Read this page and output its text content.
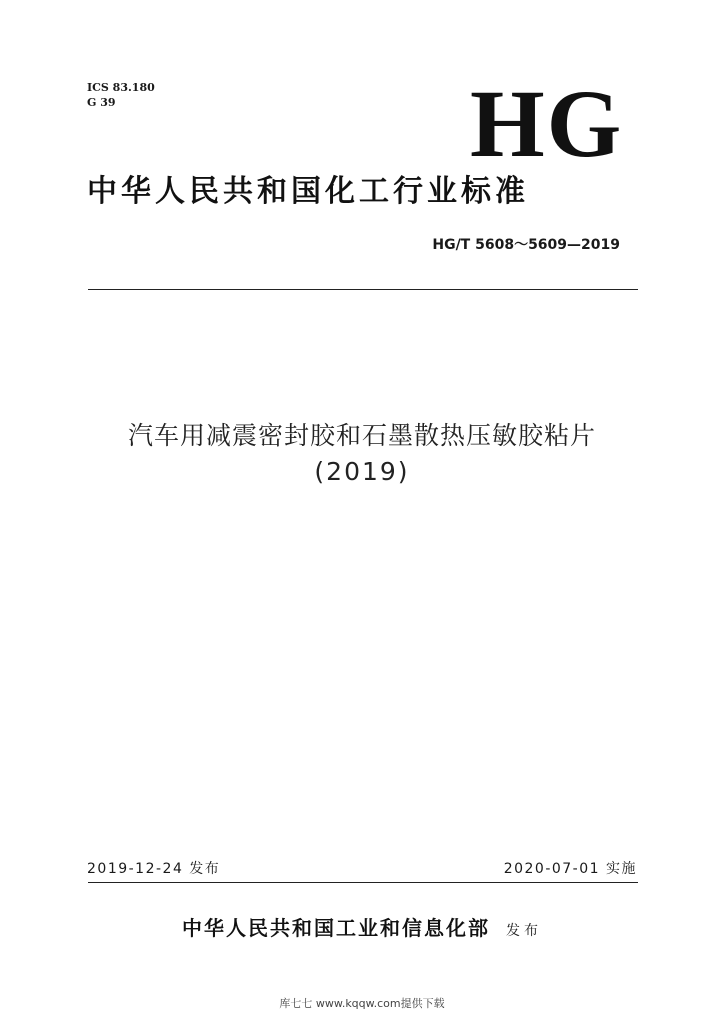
ICS 83.180
G 39	HG
中华人民共和国化工行业标准
HG/T 5608～5609—2019
汽车用减震密封胶和石墨散热压敏胶粘片
(2019)
2019-12-24 发布	2020-07-01 实施
中华人民共和国工业和信息化部 发布
库七七 www.kqqw.com提供下载
